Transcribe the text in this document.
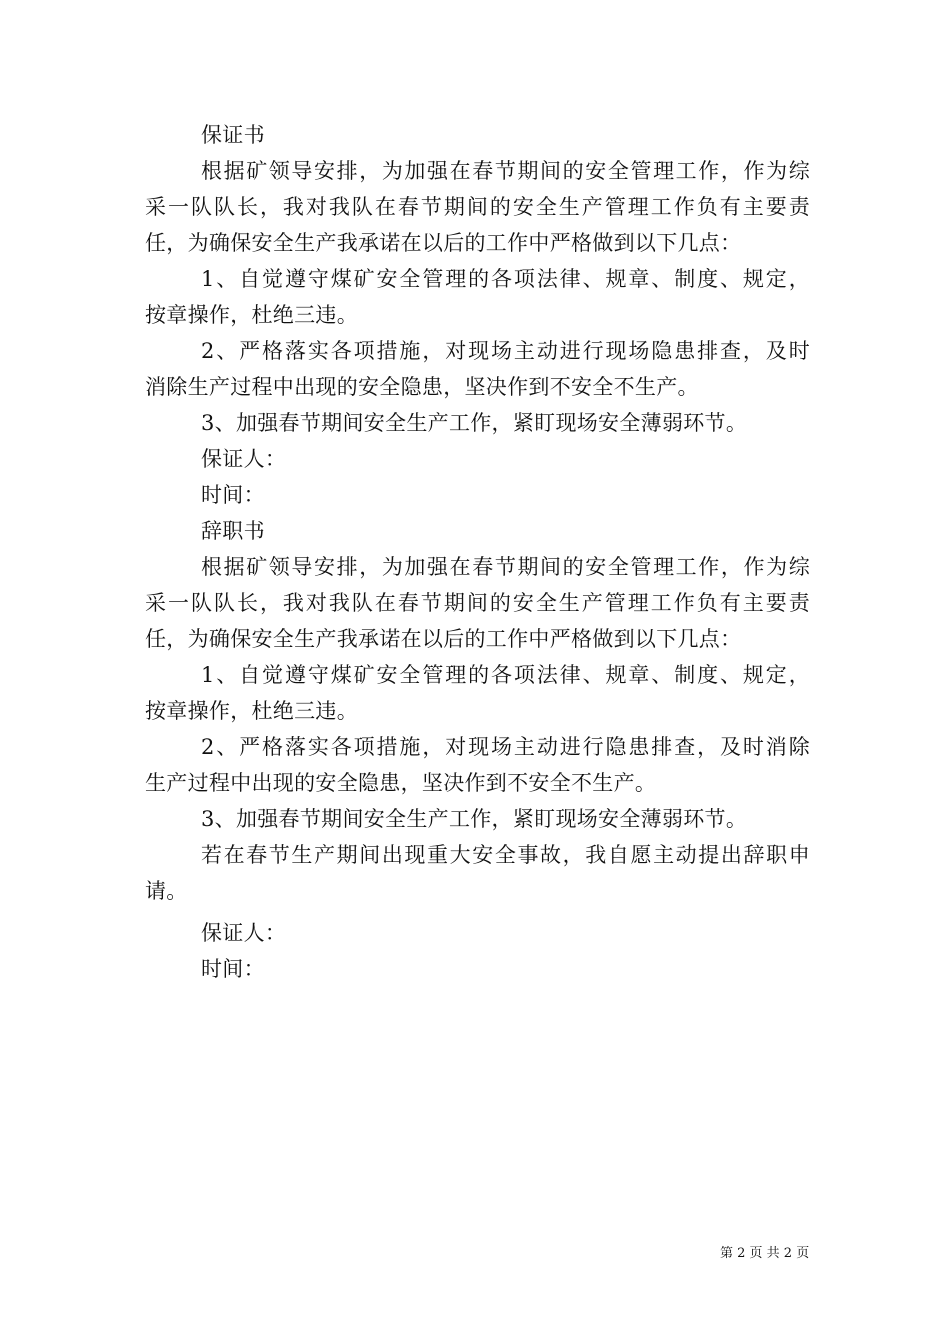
保证书
根据矿领导安排，为加强在春节期间的安全管理工作，作为综
采一队队长，我对我队在春节期间的安全生产管理工作负有主要责
任，为确保安全生产我承诺在以后的工作中严格做到以下几点：
1、自觉遵守煤矿安全管理的各项法律、规章、制度、规定，
按章操作，杜绝三违。
2、严格落实各项措施，对现场主动进行现场隐患排查，及时
消除生产过程中出现的安全隐患，坚决作到不安全不生产。
3、加强春节期间安全生产工作，紧盯现场安全薄弱环节。
保证人：
时间：
辞职书
根据矿领导安排，为加强在春节期间的安全管理工作，作为综
采一队队长，我对我队在春节期间的安全生产管理工作负有主要责
任，为确保安全生产我承诺在以后的工作中严格做到以下几点：
1、自觉遵守煤矿安全管理的各项法律、规章、制度、规定，
按章操作，杜绝三违。
2、严格落实各项措施，对现场主动进行隐患排查，及时消除
生产过程中出现的安全隐患，坚决作到不安全不生产。
3、加强春节期间安全生产工作，紧盯现场安全薄弱环节。
若在春节生产期间出现重大安全事故，我自愿主动提出辞职申
请。
保证人：
时间：
第 2 页 共 2 页
